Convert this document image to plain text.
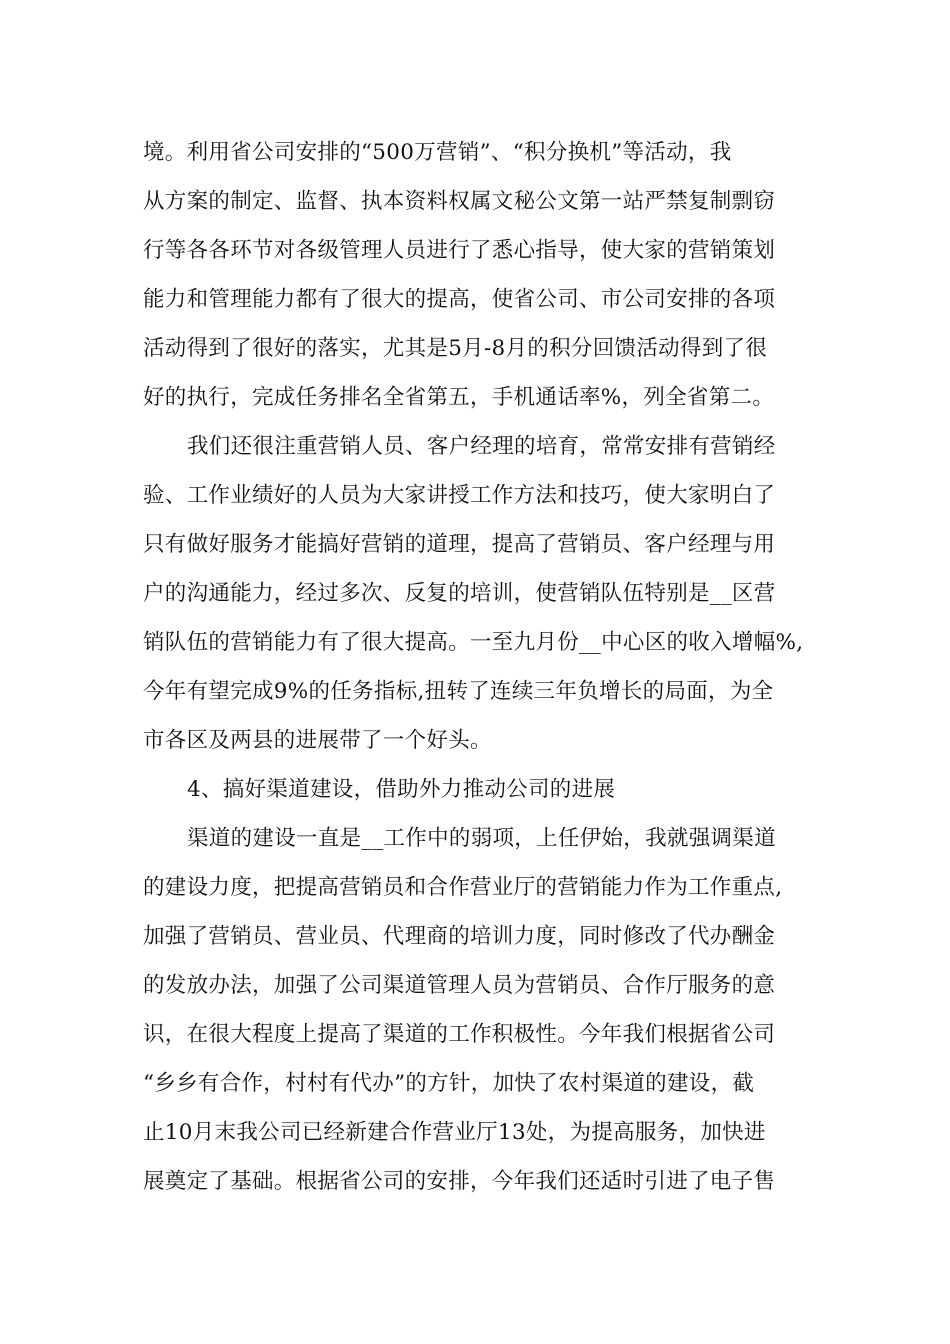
境。利用省公司安排的“500万营销”、“积分换机”等活动，我
从方案的制定、监督、执本资料权属文秘公文第一站严禁复制剽窃
行等各各环节对各级管理人员进行了悉心指导，使大家的营销策划
能力和管理能力都有了很大的提高，使省公司、市公司安排的各项
活动得到了很好的落实，尤其是5月-8月的积分回馈活动得到了很
好的执行，完成任务排名全省第五，手机通话率%，列全省第二。
我们还很注重营销人员、客户经理的培育，常常安排有营销经
验、工作业绩好的人员为大家讲授工作方法和技巧，使大家明白了
只有做好服务才能搞好营销的道理，提高了营销员、客户经理与用
户的沟通能力，经过多次、反复的培训，使营销队伍特别是__区营
销队伍的营销能力有了很大提高。一至九月份__中心区的收入增幅%,
今年有望完成9%的任务指标,扭转了连续三年负增长的局面，为全
市各区及两县的进展带了一个好头。
4、搞好渠道建设，借助外力推动公司的进展
渠道的建设一直是__工作中的弱项，上任伊始，我就强调渠道
的建设力度，把提高营销员和合作营业厅的营销能力作为工作重点,
加强了营销员、营业员、代理商的培训力度，同时修改了代办酬金
的发放办法，加强了公司渠道管理人员为营销员、合作厅服务的意
识，在很大程度上提高了渠道的工作积极性。今年我们根据省公司
“乡乡有合作，村村有代办”的方针，加快了农村渠道的建设，截
止10月末我公司已经新建合作营业厅13处，为提高服务，加快进
展奠定了基础。根据省公司的安排，今年我们还适时引进了电子售
